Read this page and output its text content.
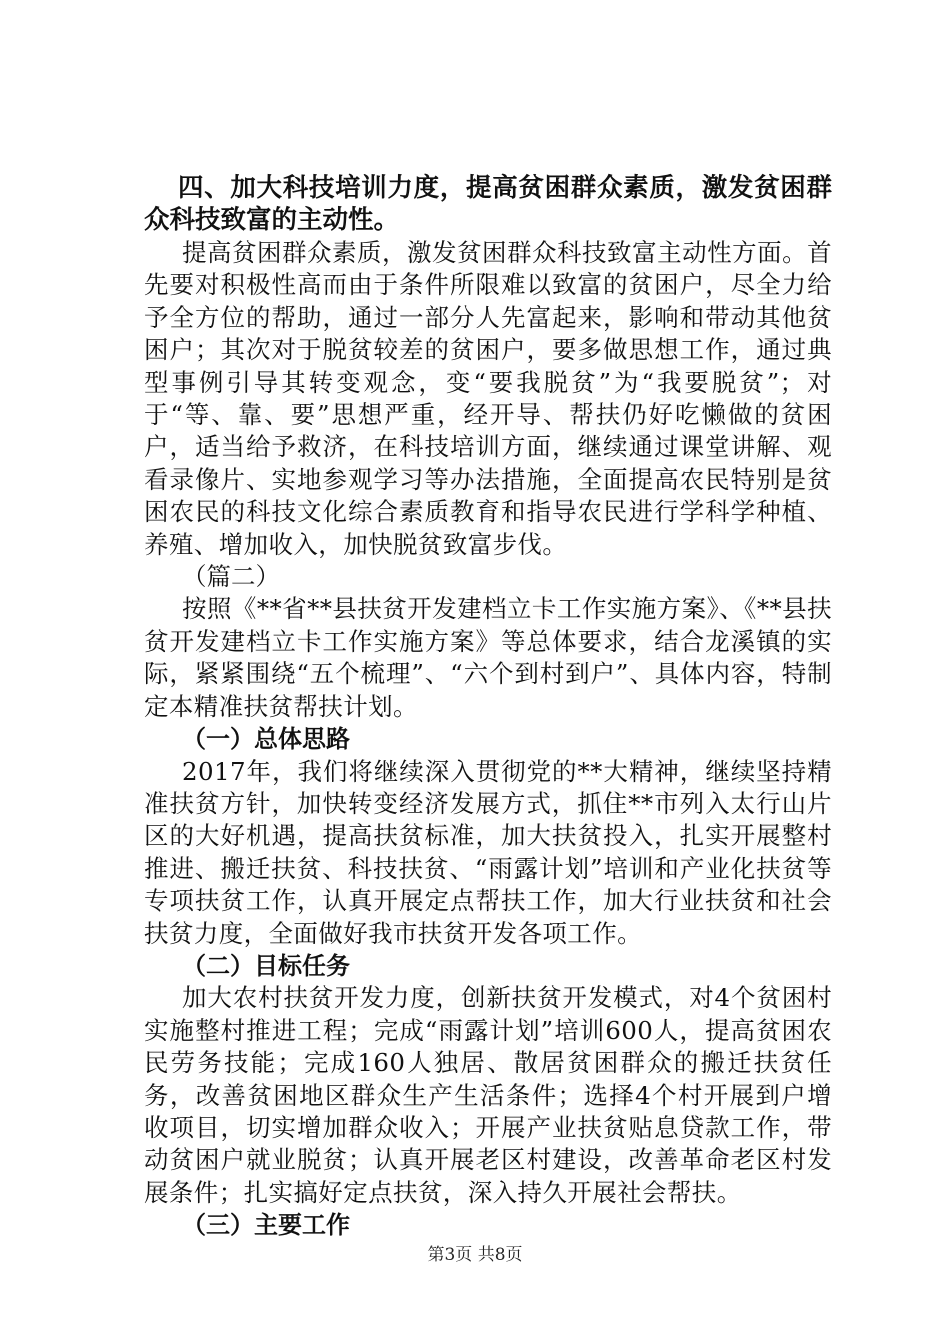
四、加大科技培训力度，提高贫困群众素质，激发贫困群众科技致富的主动性。

提高贫困群众素质，激发贫困群众科技致富主动性方面。首先要对积极性高而由于条件所限难以致富的贫困户，尽全力给予全方位的帮助，通过一部分人先富起来，影响和带动其他贫困户；其次对于脱贫较差的贫困户，要多做思想工作，通过典型事例引导其转变观念，变“要我脱贫”为“我要脱贫”；对于“等、靠、要”思想严重，经开导、帮扶仍好吃懒做的贫困户，适当给予救济，在科技培训方面，继续通过课堂讲解、观看录像片、实地参观学习等办法措施，全面提高农民特别是贫困农民的科技文化综合素质教育和指导农民进行学科学种植、养殖、增加收入，加快脱贫致富步伐。

（篇二）

按照《**省**县扶贫开发建档立卡工作实施方案》、《**县扶贫开发建档立卡工作实施方案》等总体要求，结合龙溪镇的实际，紧紧围绕“五个梳理”、“六个到村到户”、具体内容，特制定本精准扶贫帮扶计划。

（一）总体思路

2017年，我们将继续深入贯彻党的**大精神，继续坚持精准扶贫方针，加快转变经济发展方式，抓住**市列入太行山片区的大好机遇，提高扶贫标准，加大扶贫投入，扎实开展整村推进、搬迁扶贫、科技扶贫、“雨露计划”培训和产业化扶贫等专项扶贫工作，认真开展定点帮扶工作，加大行业扶贫和社会扶贫力度，全面做好我市扶贫开发各项工作。

（二）目标任务

加大农村扶贫开发力度，创新扶贫开发模式，对4个贫困村实施整村推进工程；完成“雨露计划”培训600人，提高贫困农民劳务技能；完成160人独居、散居贫困群众的搬迁扶贫任务，改善贫困地区群众生产生活条件；选择4个村开展到户增收项目，切实增加群众收入；开展产业扶贫贴息贷款工作，带动贫困户就业脱贫；认真开展老区村建设，改善革命老区村发展条件；扎实搞好定点扶贫，深入持久开展社会帮扶。

（三）主要工作

第3页 共8页
